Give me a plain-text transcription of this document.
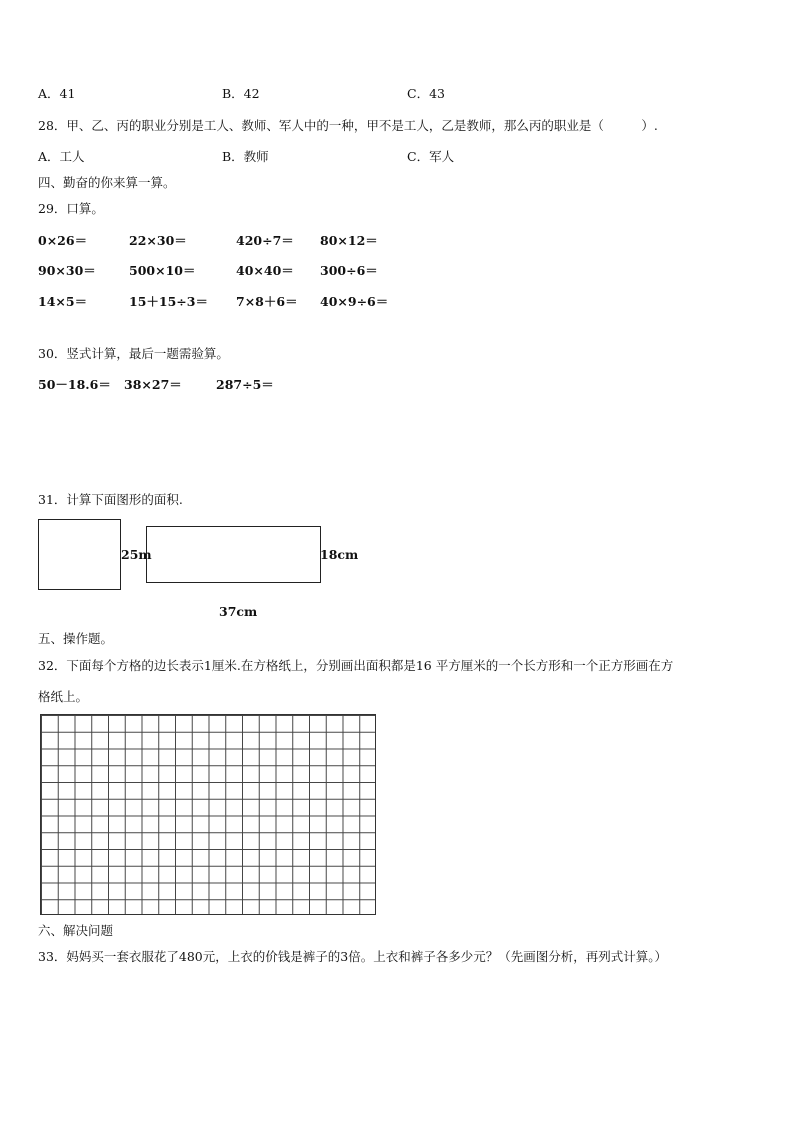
A．41	B．42	C．43
28．甲、乙、丙的职业分别是工人、教师、军人中的一种，甲不是工人，乙是教师，那么丙的职业是（　　　）.
A．工人	B．教师	C．军人
四、勤奋的你来算一算。
29．口算。
0×26＝	22×30＝	420÷7＝ 80×12＝
90×30＝	500×10＝	40×40＝ 300÷6＝
14×5＝	15＋15÷3＝ 7×8＋6＝ 40×9÷6＝
30．竖式计算，最后一题需验算。
50－18.6＝ 38×27＝	287÷5＝
31．计算下面图形的面积.
25m	18cm
37cm
五、操作题。
32．下面每个方格的边长表示1厘米.在方格纸上，分别画出面积都是16 平方厘米的一个长方形和一个正方形画在方
格纸上。
六、解决问题
33．妈妈买一套衣服花了480元，上衣的价钱是裤子的3倍。上衣和裤子各多少元？（先画图分析，再列式计算。）
